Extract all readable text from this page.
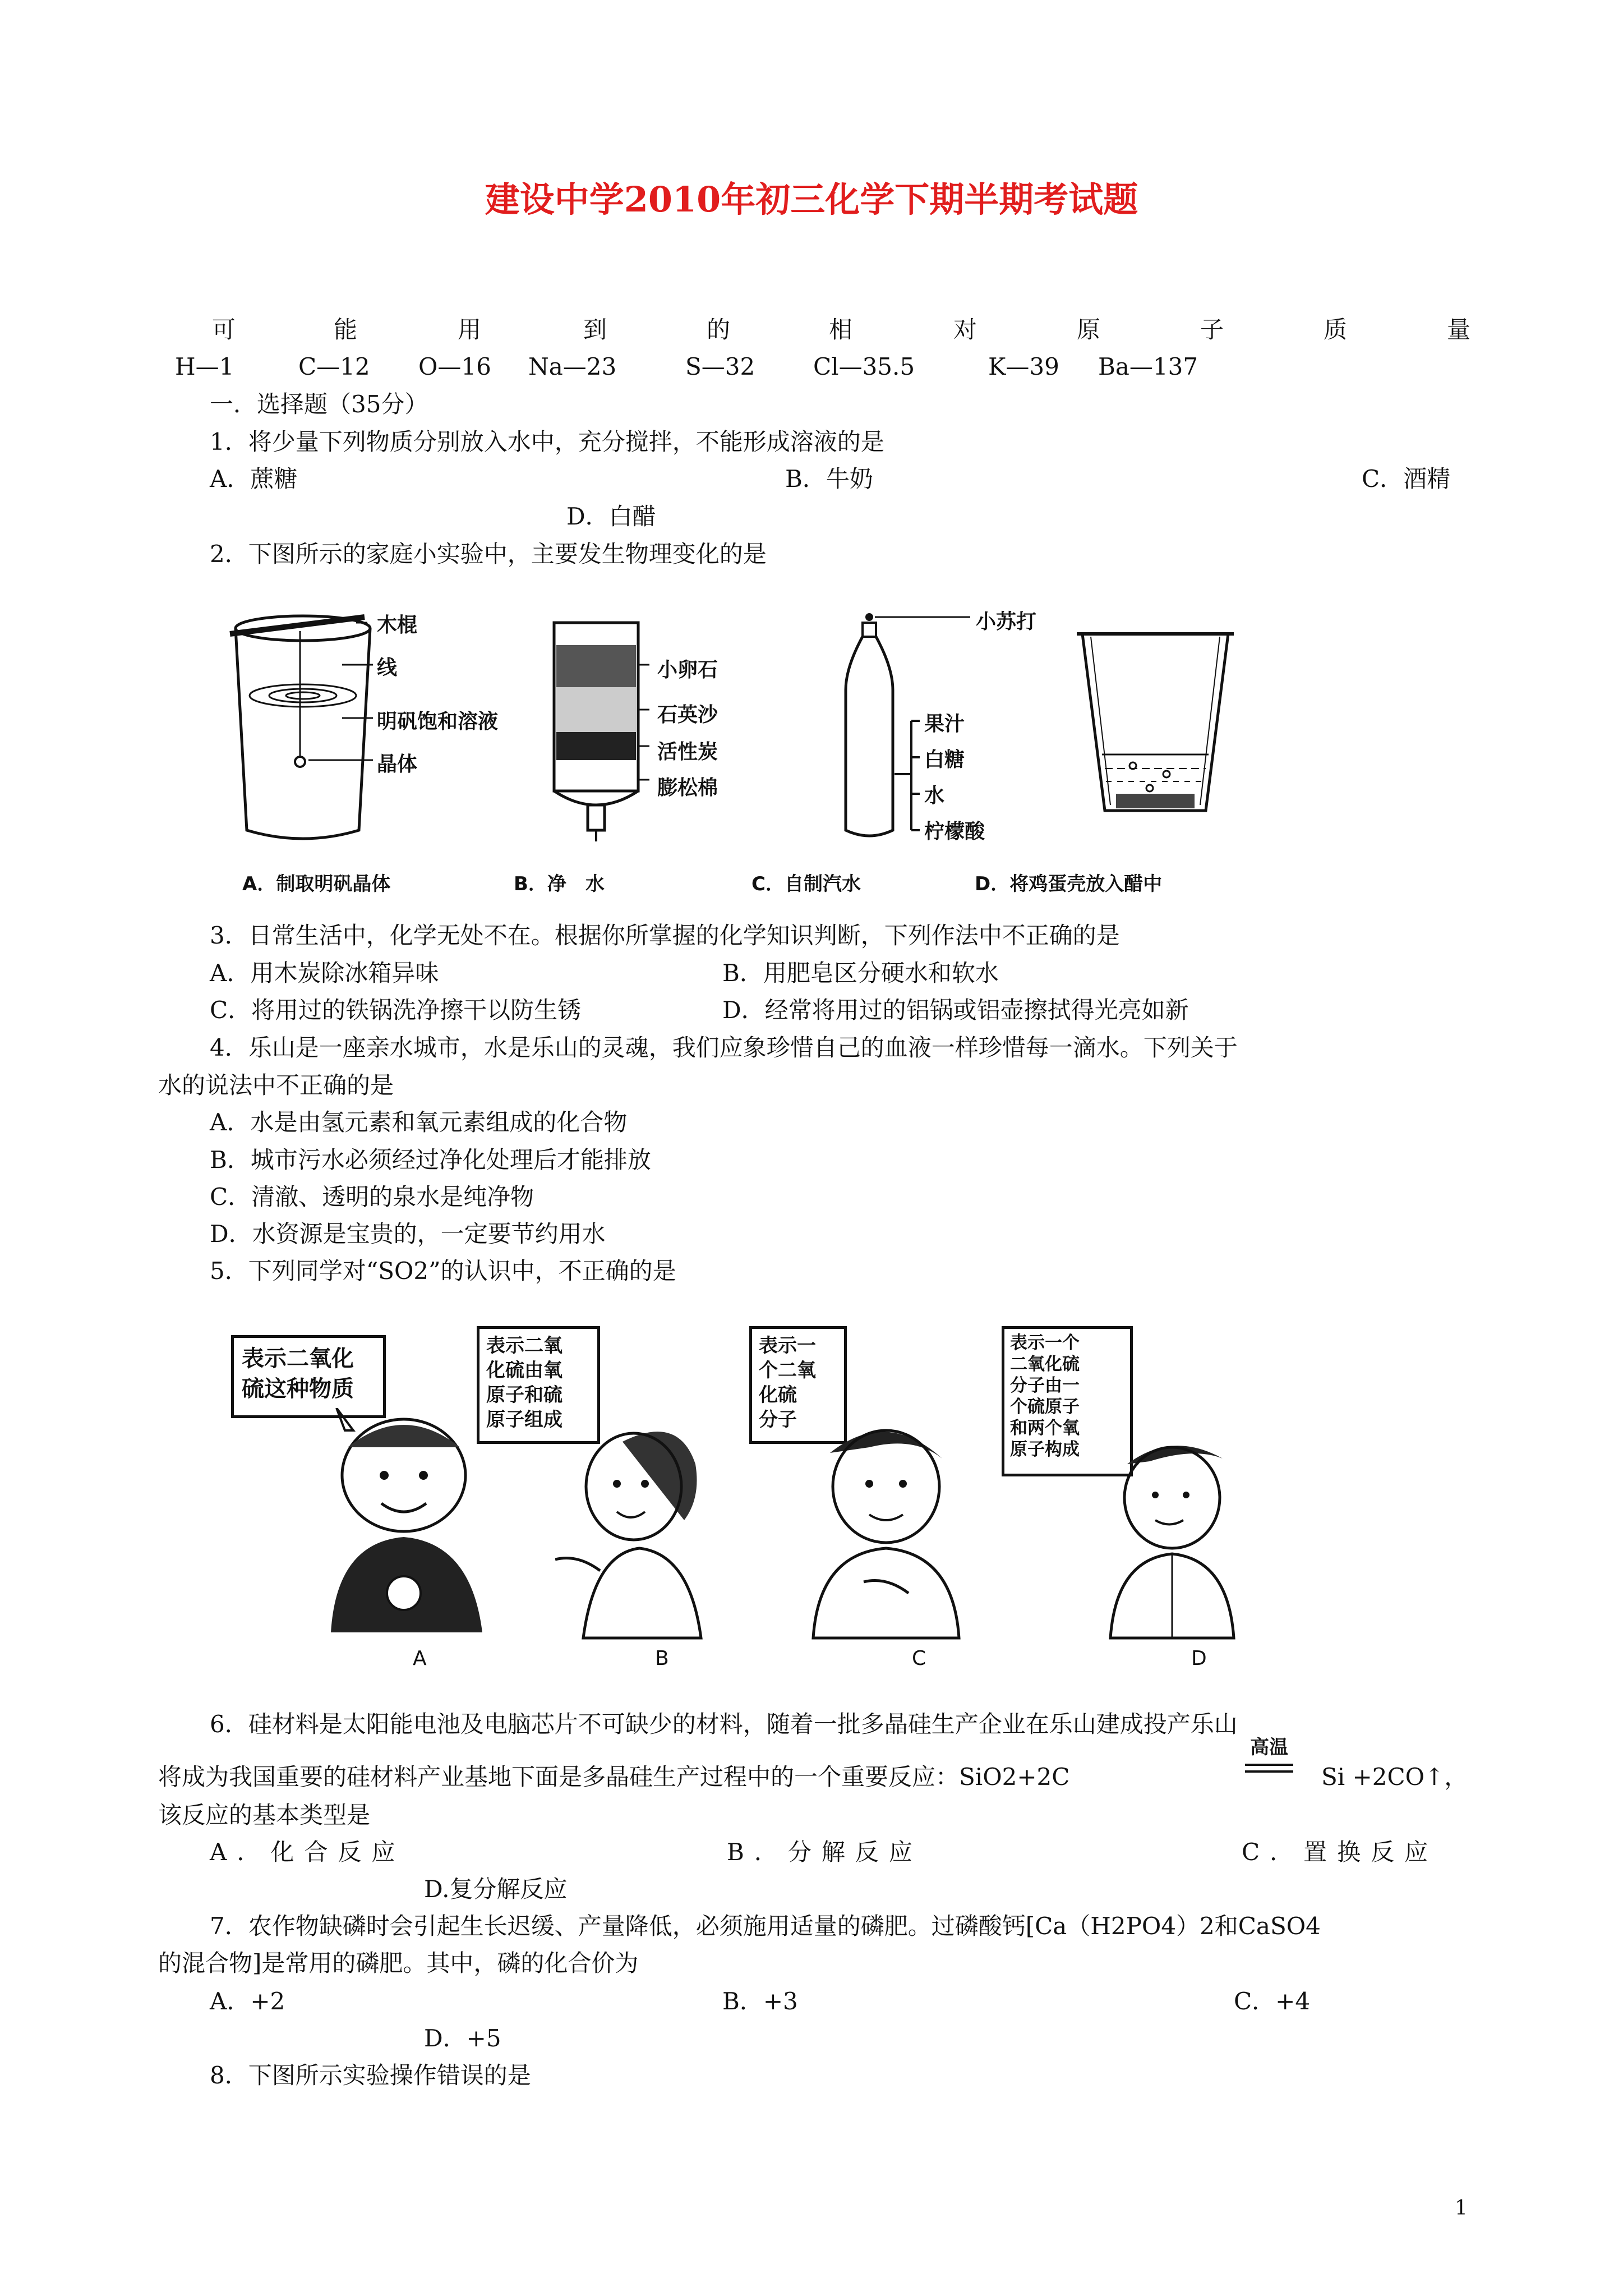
建设中学2010年初三化学下期半期考试题
可	能	用	到	的	相	对	原	子	质	量
H—1	C—12 O—16 Na—23	S—32 Cl—35.5	K—39 Ba—137
一．选择题（35分）
1．将少量下列物质分别放入水中，充分搅拌，不能形成溶液的是
A．蔗糖	B．牛奶	C．酒精
D．白醋
2．下图所示的家庭小实验中，主要发生物理变化的是
木棍
线
明矾饱和溶液
晶体
小卵石
石英沙
活性炭
膨松棉
小苏打
果汁
白糖
水
柠檬酸
A．制取明矾晶体	B．净　水	C．自制汽水	D．将鸡蛋壳放入醋中
3．日常生活中，化学无处不在。根据你所掌握的化学知识判断，下列作法中不正确的是
A．用木炭除冰箱异味	B．用肥皂区分硬水和软水
C．将用过的铁锅洗净擦干以防生锈	D．经常将用过的铝锅或铝壶擦拭得光亮如新
4．乐山是一座亲水城市，水是乐山的灵魂，我们应象珍惜自己的血液一样珍惜每一滴水。下列关于
水的说法中不正确的是
A．水是由氢元素和氧元素组成的化合物
B．城市污水必须经过净化处理后才能排放
C．清澈、透明的泉水是纯净物
D．水资源是宝贵的，一定要节约用水
5．下列同学对“SO2”的认识中，不正确的是
表示二氧化
硫这种物质
表示二氧
化硫由氧
原子和硫
原子组成
表示一
个二氧
化硫
分子
表示一个
二氧化硫
分子由一
个硫原子
和两个氧
原子构成
A	B	C	D
6．硅材料是太阳能电池及电脑芯片不可缺少的材料，随着一批多晶硅生产企业在乐山建成投产乐山
将成为我国重要的硅材料产业基地下面是多晶硅生产过程中的一个重要反应：SiO2+2C
高温
Si +2CO↑，
该反应的基本类型是
A．化合反应	B．分解反应	C．置换反应
D.复分解反应
7．农作物缺磷时会引起生长迟缓、产量降低，必须施用适量的磷肥。过磷酸钙[Ca（H2PO4）2和CaSO4
的混合物]是常用的磷肥。其中，磷的化合价为
A．+2	B．+3	C．+4
D．+5
8．下图所示实验操作错误的是
1
